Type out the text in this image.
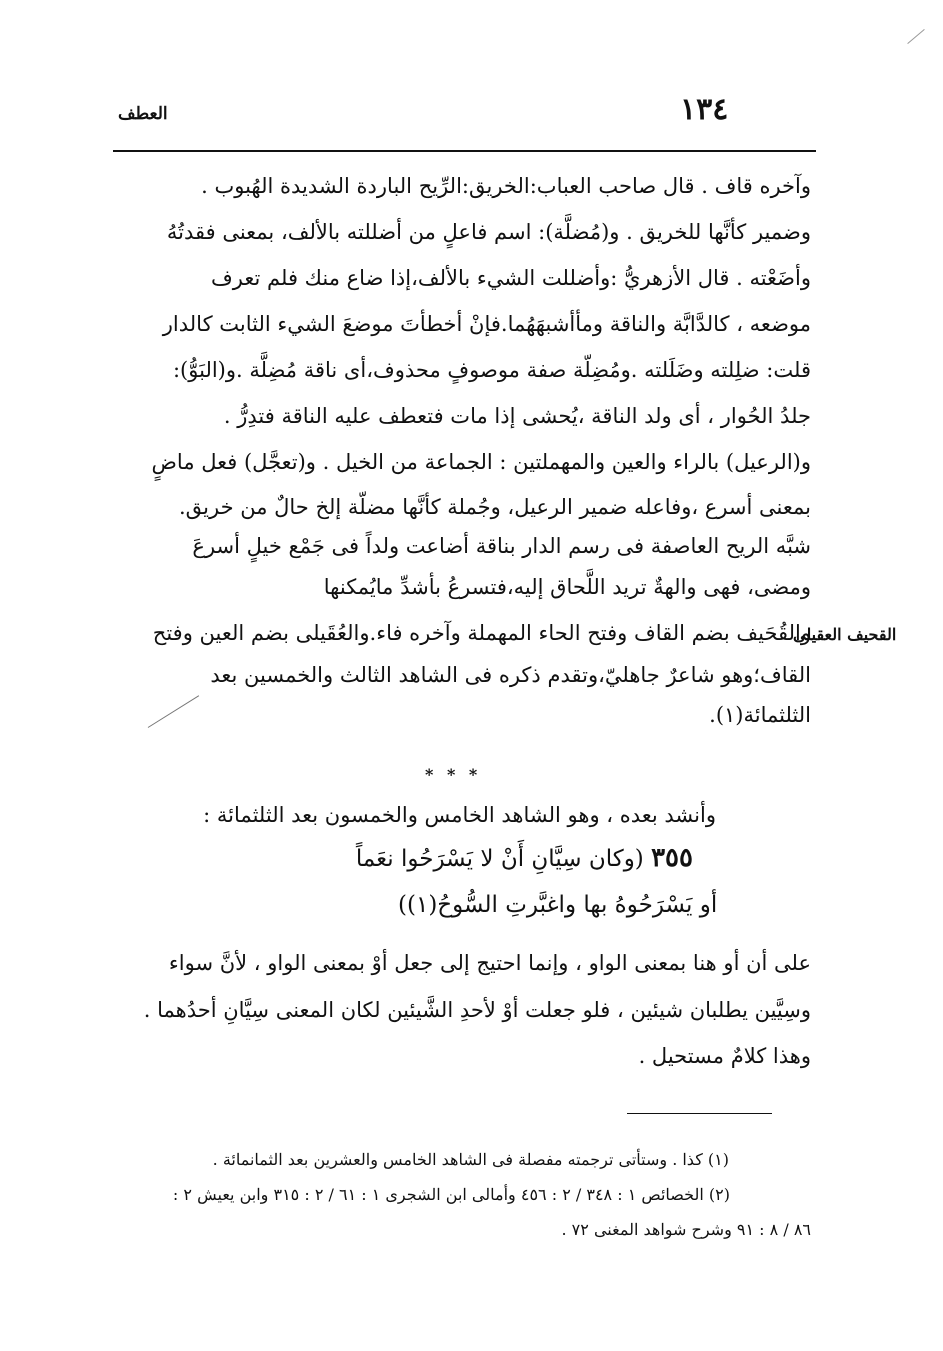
العطف	١٣٤
وآخره قاف . قال صاحب العباب:الخريق:الرِّيح الباردة الشديدة الهُبوب .
وضمير كأنَّها للخريق . و(مُضلَّة): اسم فاعلٍ من أضللته بالألف، بمعنى فقدتُهُ
وأضَعْته . قال الأزهريُّ :وأضللت الشيء بالألف،إذا ضاع منك فلم تعرف
موضعه ، كالدَّابَّة والناقة ومأأشبهَهُما.فإنْ أخطأتَ موضعَ الشيء الثابت كالدار
قلت: ضلِلته وضَلَلته .ومُضِلّة صفة موصوفٍ محذوف،أى ناقة مُضِلَّة .و(البَوُّ):
جلدُ الحُوار ، أى ولد الناقة ،يُحشى إذا مات فتعطف عليه الناقة فتدِرُّ .
و(الرعيل) بالراء والعين والمهملتين : الجماعة من الخيل . و(تعجَّل) فعل ماضٍ
بمعنى أسرع ،وفاعله ضمير الرعيل، وجُملة كأنَّها مضلّة إلخ حالٌ من خريق.
شبَّه الريح العاصفة فى رسم الدار بناقة أضاعت ولداً فى جَمْع خيلٍ أسرعَ
ومضى، فهى والهةٌ تريد اللَّحاق إليه،فتسرعُ بأشدِّ مايُمكنها
والقُحَيف بضم القاف وفتح الحاء المهملة وآخره فاء.والعُقَيلى بضم العين وفتح
القاف؛وهو شاعرٌ جاهليّ،وتقدم ذكره فى الشاهد الثالث والخمسين بعد
الثلثمائة(١).
القحيف العقيلى
* * *
وأنشد بعده ، وهو الشاهد الخامس والخمسون بعد الثلثمائة :
٣٥٥ (وكان سِيَّانِ أَنْ لا يَسْرَحُوا نعَماً
أو يَسْرَحُوهُ بها واغبَّرتِ السُّوحُ(١))
على أن أو هنا بمعنى الواو ، وإنما احتيج إلى جعل أوْ بمعنى الواو ، لأنَّ سواء
وسِيَّين يطلبان شيئين ، فلو جعلت أوْ لأحدِ الشَّيئين لكان المعنى سِيَّانِ أحدُهما .
وهذا كلامٌ مستحيل .
(١) كذا . وستأتى ترجمته مفصلة فى الشاهد الخامس والعشرين بعد الثمانمائة .
(٢) الخصائص ١ : ٣٤٨ / ٢ : ٤٥٦ وأمالى ابن الشجرى ١ : ٦١ / ٢ : ٣١٥ وابن يعيش ٢ :
٨٦ / ٨ : ٩١ وشرح شواهد المغنى ٧٢ .
